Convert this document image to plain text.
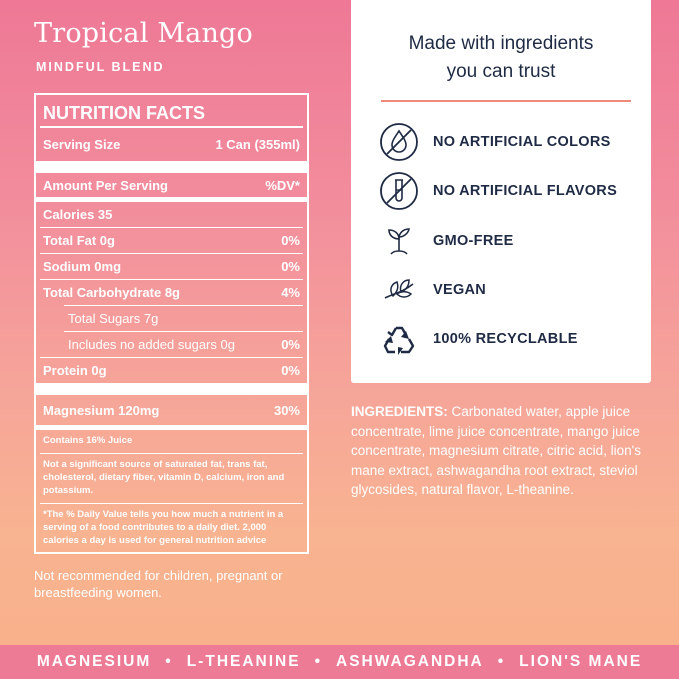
Tropical Mango
MINDFUL BLEND
NUTRITION FACTS
Serving Size	1 Can (355ml)
Amount Per Serving	%DV*
Calories 35
Total Fat 0g	0%
Sodium 0mg	0%
Total Carbohydrate 8g	4%
Total Sugars 7g
Includes no added sugars 0g	0%
Protein 0g	0%
Magnesium 120mg	30%
Contains 16% Juice
Not a significant source of saturated fat, trans fat, cholesterol, dietary fiber, vitamin D, calcium, iron and potassium.
*The % Daily Value tells you how much a nutrient in a serving of a food contributes to a daily diet. 2,000 calories a day is used for general nutrition advice
Not recommended for children, pregnant or breastfeeding women.
Made with ingredients you can trust
NO ARTIFICIAL COLORS
NO ARTIFICIAL FLAVORS
GMO-FREE
VEGAN
100% RECYCLABLE
INGREDIENTS: Carbonated water, apple juice concentrate, lime juice concentrate, mango juice concentrate, magnesium citrate, citric acid, lion's mane extract, ashwagandha root extract, steviol glycosides, natural flavor, L-theanine.
MAGNESIUM • L-THEANINE • ASHWAGANDHA • LION'S MANE
